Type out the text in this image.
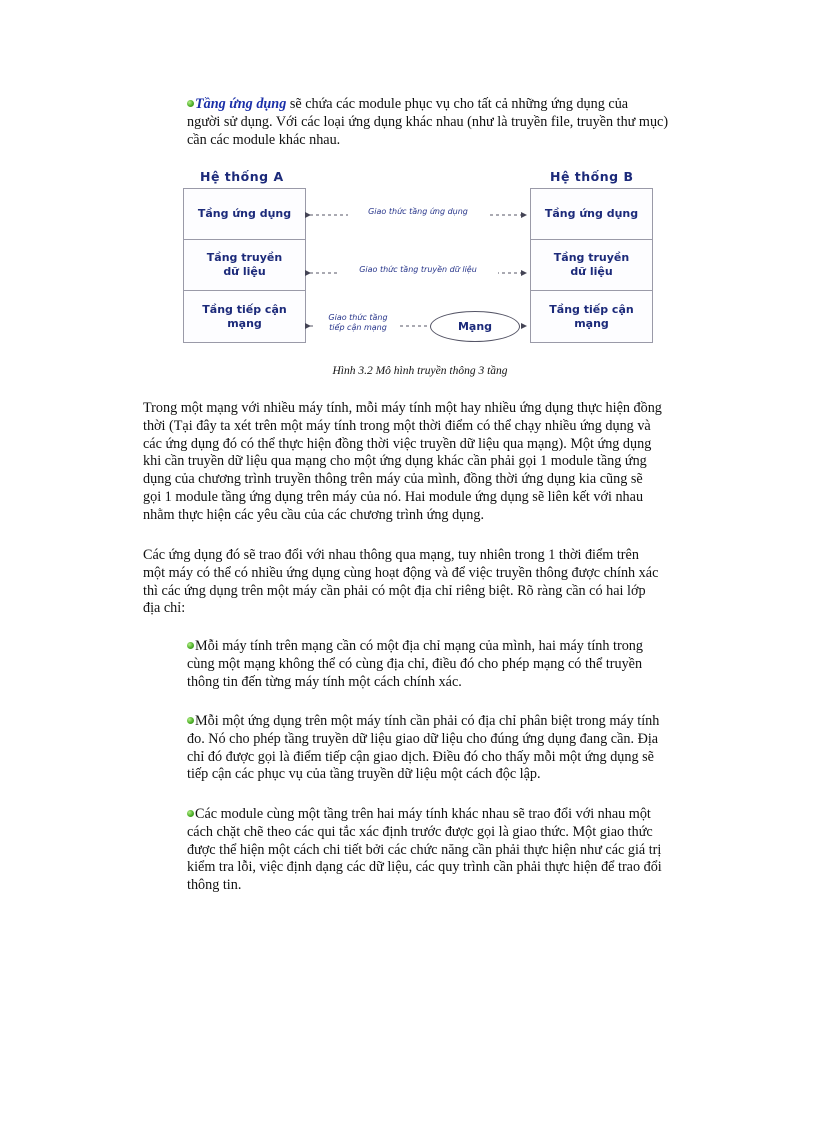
Tầng ứng dụng sẽ chứa các module phục vụ cho tất cả những ứng dụng của
người sử dụng. Với các loại ứng dụng khác nhau (như là truyền file, truyền thư mục)
cần các module khác nhau.

Hệ thống A	Hệ thống B
Tầng ứng dụng
Tầng truyền
dữ liệu
Tầng tiếp cận
mạng
Tầng ứng dụng
Tầng truyền
dữ liệu
Tầng tiếp cận
mạng
Giao thức tầng ứng dụng
Giao thức tầng truyền dữ liệu
Giao thức tầng
tiếp cận mạng	Mạng
Hình 3.2 Mô hình truyền thông 3 tầng

Trong một mạng với nhiều máy tính, mỗi máy tính một hay nhiều ứng dụng thực hiện đồng
thời (Tại đây ta xét trên một máy tính trong một thời điểm có thể chạy nhiều ứng dụng và
các ứng dụng đó có thể thực hiện đồng thời việc truyền dữ liệu qua mạng). Một ứng dụng
khi cần truyền dữ liệu qua mạng cho một ứng dụng khác cần phải gọi 1 module tầng ứng
dụng của chương trình truyền thông trên máy của mình, đồng thời ứng dụng kia cũng sẽ
gọi 1 module tầng ứng dụng trên máy của nó. Hai module ứng dụng sẽ liên kết với nhau
nhằm thực hiện các yêu cầu của các chương trình ứng dụng.

Các ứng dụng đó sẽ trao đổi với nhau thông qua mạng, tuy nhiên trong 1 thời điểm trên
một máy có thể có nhiều ứng dụng cùng hoạt động và để việc truyền thông được chính xác
thì các ứng dụng trên một máy cần phải có một địa chỉ riêng biệt. Rõ ràng cần có hai lớp
địa chỉ:

Mỗi máy tính trên mạng cần có một địa chỉ mạng của mình, hai máy tính trong
cùng một mạng không thể có cùng địa chỉ, điều đó cho phép mạng có thể truyền
thông tin đến từng máy tính một cách chính xác.

Mỗi một ứng dụng trên một máy tính cần phải có địa chỉ phân biệt trong máy tính
đo. Nó cho phép tầng truyền dữ liệu giao dữ liệu cho đúng ứng dụng đang cần. Địa
chỉ đó được gọi là điểm tiếp cận giao dịch. Điều đó cho thấy mỗi một ứng dụng sẽ
tiếp cận các phục vụ của tầng truyền dữ liệu một cách độc lập.

Các module cùng một tầng trên hai máy tính khác nhau sẽ trao đổi với nhau một
cách chặt chẽ theo các qui tắc xác định trước được gọi là giao thức. Một giao thức
được thể hiện một cách chi tiết bởi các chức năng cần phải thực hiện như các giá trị
kiểm tra lỗi, việc định dạng các dữ liệu, các quy trình cần phải thực hiện để trao đổi
thông tin.
